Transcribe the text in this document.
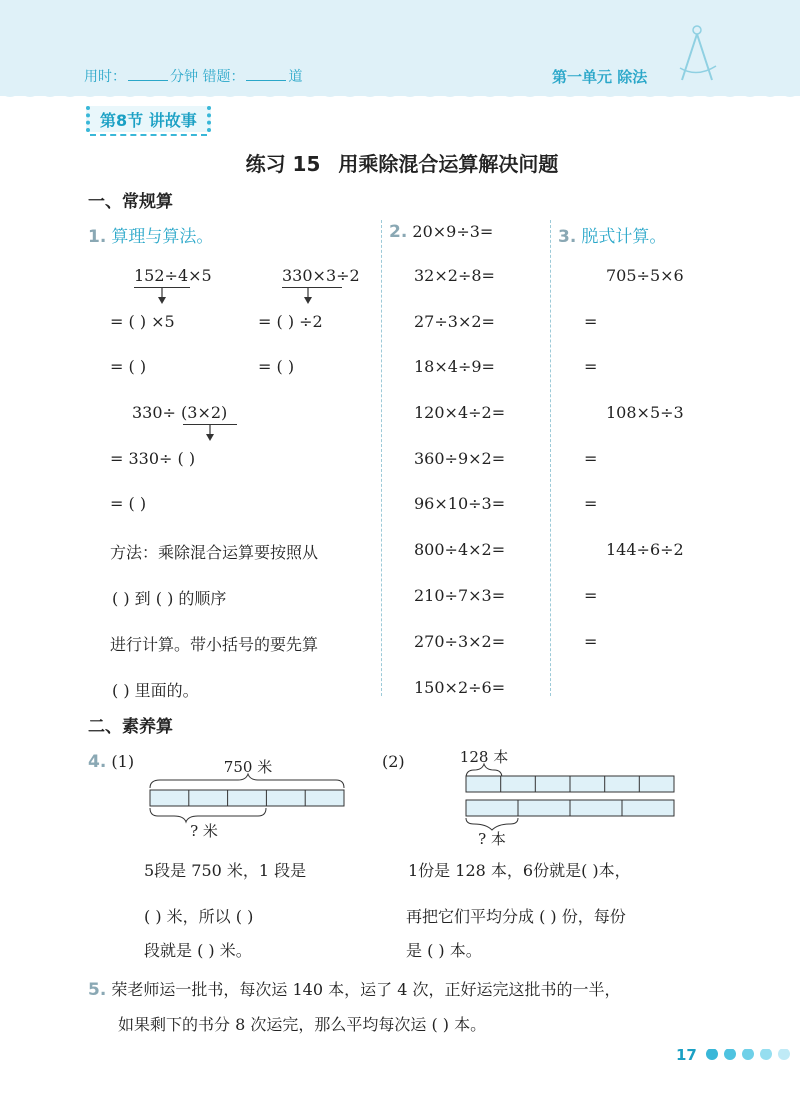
用时：	分钟 错题：	道	第一单元 除法
第8节 讲故事
练习 15 用乘除混合运算解决问题
一、常规算
1. 算理与算法。
152÷4×5
= ( ) ×5
= ( )
330×3÷2
= ( ) ÷2
= ( )
330÷ (3×2)
= 330÷ ( )
= ( )
方法：乘除混合运算要按照从
( ) 到 ( ) 的顺序
进行计算。带小括号的要先算
( ) 里面的。
2. 20×9÷3=
32×2÷8=
27÷3×2=
18×4÷9=
120×4÷2=
360÷9×2=
96×10÷3=
800÷4×2=
210÷7×3=
270÷3×2=
150×2÷6=
3. 脱式计算。
705÷5×6
=
=
108×5÷3
=
=
144÷6÷2
=
=
二、素养算
4. (1)	750 米
? 米
5段是 750 米，1 段是
( ) 米，所以 ( )
段就是 ( ) 米。
(2)	128 本
? 本
1份是 128 本，6份就是( )本，
再把它们平均分成 ( ) 份，每份
是 ( ) 本。
5. 荣老师运一批书，每次运 140 本，运了 4 次，正好运完这批书的一半，
如果剩下的书分 8 次运完，那么平均每次运 ( ) 本。
17
